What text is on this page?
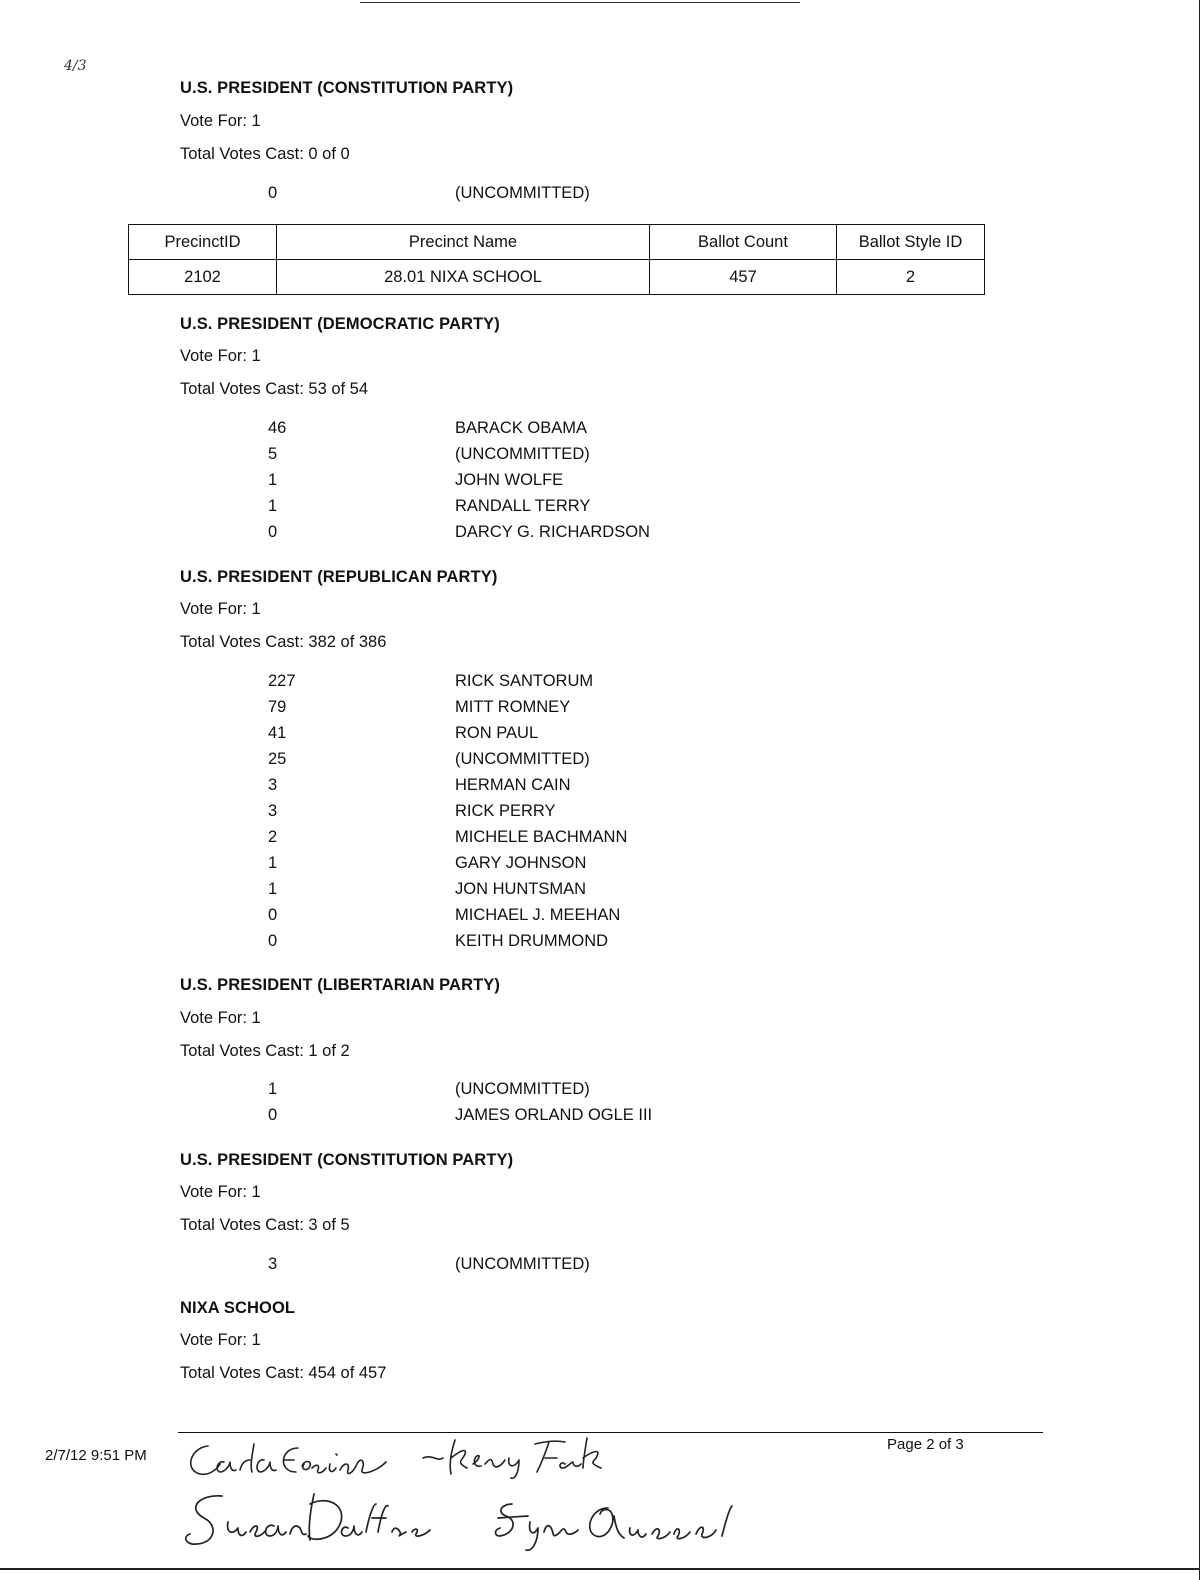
4/3
U.S. PRESIDENT (CONSTITUTION PARTY)
Vote For: 1
Total Votes Cast: 0 of 0
0	(UNCOMMITTED)
PrecinctID	Precinct Name	Ballot Count	Ballot Style ID
2102	28.01 NIXA SCHOOL	457	2
U.S. PRESIDENT (DEMOCRATIC PARTY)
Vote For: 1
Total Votes Cast: 53 of 54
46	BARACK OBAMA
5	(UNCOMMITTED)
1	JOHN WOLFE
1	RANDALL TERRY
0	DARCY G. RICHARDSON
U.S. PRESIDENT (REPUBLICAN PARTY)
Vote For: 1
Total Votes Cast: 382 of 386
227	RICK SANTORUM
79	MITT ROMNEY
41	RON PAUL
25	(UNCOMMITTED)
3	HERMAN CAIN
3	RICK PERRY
2	MICHELE BACHMANN
1	GARY JOHNSON
1	JON HUNTSMAN
0	MICHAEL J. MEEHAN
0	KEITH DRUMMOND
U.S. PRESIDENT (LIBERTARIAN PARTY)
Vote For: 1
Total Votes Cast: 1 of 2
1	(UNCOMMITTED)
0	JAMES ORLAND OGLE III
U.S. PRESIDENT (CONSTITUTION PARTY)
Vote For: 1
Total Votes Cast: 3 of 5
3	(UNCOMMITTED)
NIXA SCHOOL
Vote For: 1
Total Votes Cast: 454 of 457
2/7/12 9:51 PM
Page 2 of 3
